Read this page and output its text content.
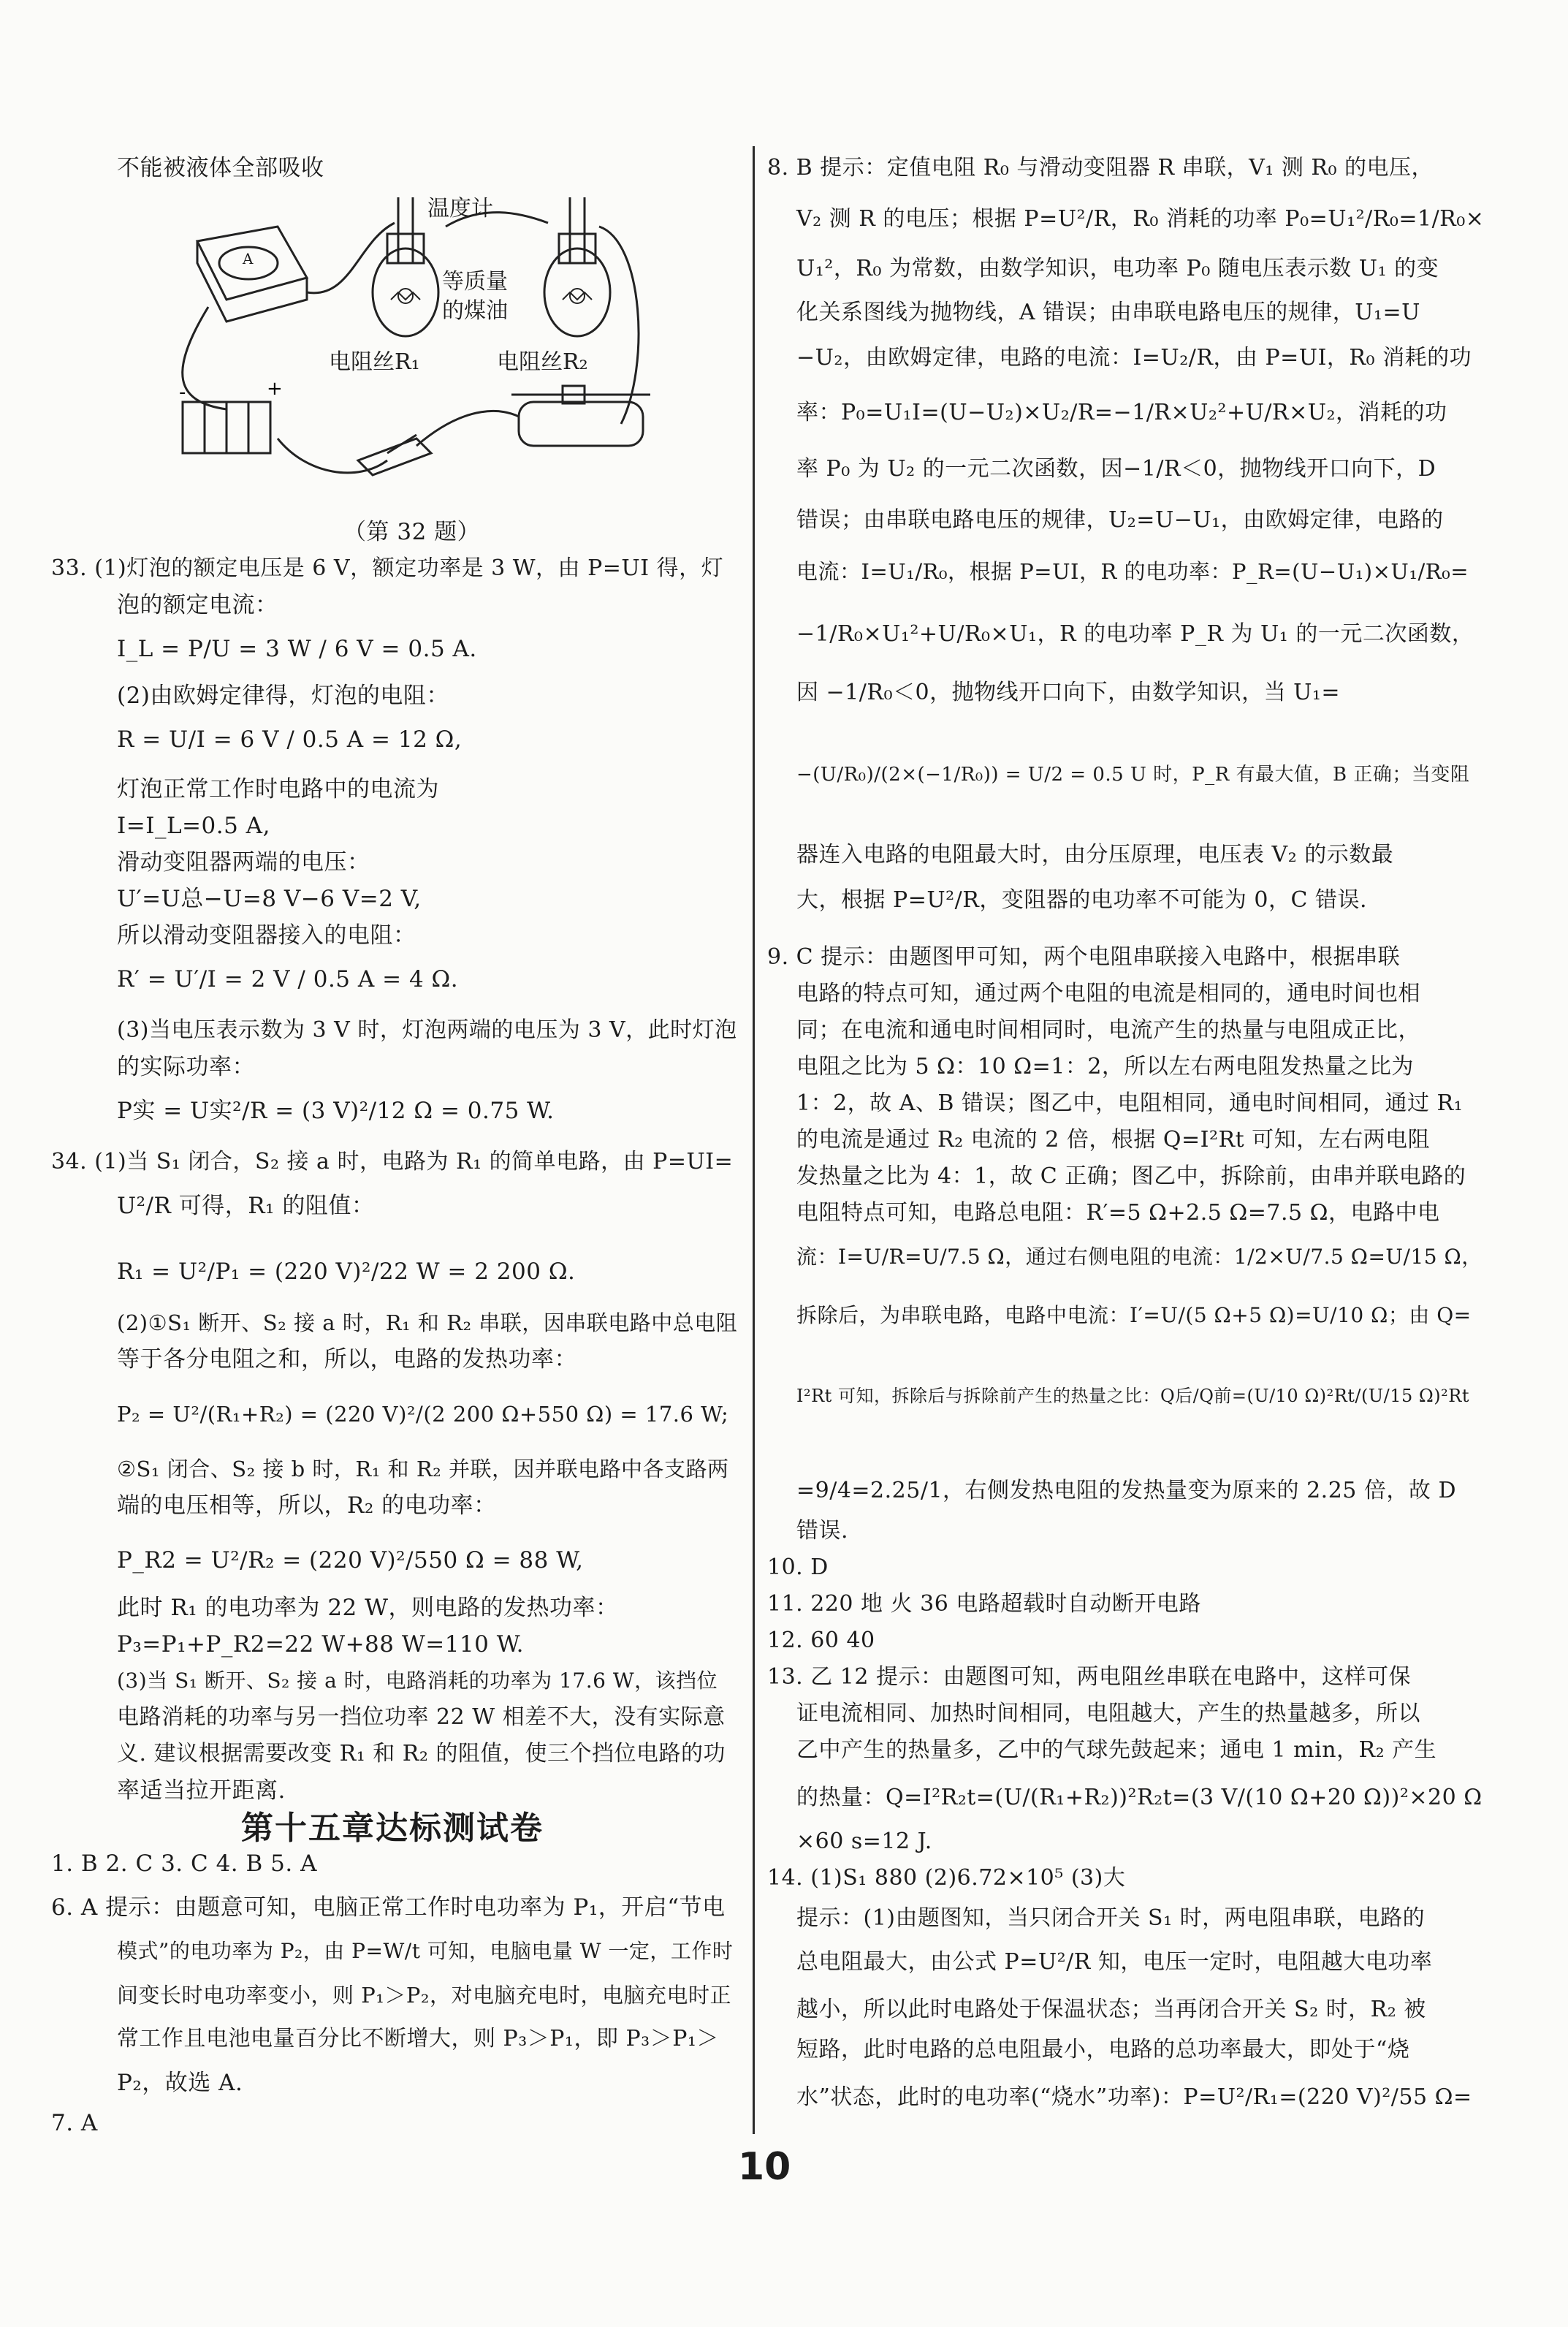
不能被液体全部吸收
-	+
A
温度计
等质量
的煤油
电阻丝R₁	电阻丝R₂
（第 32 题）
33. (1)灯泡的额定电压是 6 V，额定功率是 3 W，由 P=UI 得，灯
泡的额定电流：
I_L = P/U = 3 W / 6 V = 0.5 A.
(2)由欧姆定律得，灯泡的电阻：
R = U/I = 6 V / 0.5 A = 12 Ω,
灯泡正常工作时电路中的电流为
I=I_L=0.5 A,
滑动变阻器两端的电压：
U′=U总−U=8 V−6 V=2 V,
所以滑动变阻器接入的电阻：
R′ = U′/I = 2 V / 0.5 A = 4 Ω.
(3)当电压表示数为 3 V 时，灯泡两端的电压为 3 V，此时灯泡
的实际功率：
P实 = U实²/R = (3 V)²/12 Ω = 0.75 W.
34. (1)当 S₁ 闭合，S₂ 接 a 时，电路为 R₁ 的简单电路，由 P=UI=
U²/R 可得，R₁ 的阻值：
R₁ = U²/P₁ = (220 V)²/22 W = 2 200 Ω.
(2)①S₁ 断开、S₂ 接 a 时，R₁ 和 R₂ 串联，因串联电路中总电阻
等于各分电阻之和，所以，电路的发热功率：
P₂ = U²/(R₁+R₂) = (220 V)²/(2 200 Ω+550 Ω) = 17.6 W;
②S₁ 闭合、S₂ 接 b 时，R₁ 和 R₂ 并联，因并联电路中各支路两
端的电压相等，所以，R₂ 的电功率：
P_R2 = U²/R₂ = (220 V)²/550 Ω = 88 W,
此时 R₁ 的电功率为 22 W，则电路的发热功率：
P₃=P₁+P_R2=22 W+88 W=110 W.
(3)当 S₁ 断开、S₂ 接 a 时，电路消耗的功率为 17.6 W，该挡位
电路消耗的功率与另一挡位功率 22 W 相差不大，没有实际意
义. 建议根据需要改变 R₁ 和 R₂ 的阻值，使三个挡位电路的功
率适当拉开距离.
第十五章达标测试卷
1. B 2. C 3. C 4. B 5. A
6. A 提示：由题意可知，电脑正常工作时电功率为 P₁，开启“节电
模式”的电功率为 P₂，由 P=W/t 可知，电脑电量 W 一定，工作时
间变长时电功率变小，则 P₁＞P₂，对电脑充电时，电脑充电时正
常工作且电池电量百分比不断增大，则 P₃＞P₁，即 P₃＞P₁＞
P₂，故选 A.
7. A
8. B 提示：定值电阻 R₀ 与滑动变阻器 R 串联，V₁ 测 R₀ 的电压，
V₂ 测 R 的电压；根据 P=U²/R，R₀ 消耗的功率 P₀=U₁²/R₀=1/R₀×
U₁²，R₀ 为常数，由数学知识，电功率 P₀ 随电压表示数 U₁ 的变
化关系图线为抛物线，A 错误；由串联电路电压的规律，U₁=U
−U₂，由欧姆定律，电路的电流：I=U₂/R，由 P=UI，R₀ 消耗的功
率：P₀=U₁I=(U−U₂)×U₂/R=−1/R×U₂²+U/R×U₂，消耗的功
率 P₀ 为 U₂ 的一元二次函数，因−1/R＜0，抛物线开口向下，D
错误；由串联电路电压的规律，U₂=U−U₁，由欧姆定律，电路的
电流：I=U₁/R₀，根据 P=UI，R 的电功率：P_R=(U−U₁)×U₁/R₀=
−1/R₀×U₁²+U/R₀×U₁，R 的电功率 P_R 为 U₁ 的一元二次函数，
因 −1/R₀＜0，抛物线开口向下，由数学知识，当 U₁=
−(U/R₀)/(2×(−1/R₀)) = U/2 = 0.5 U 时，P_R 有最大值，B 正确；当变阻
器连入电路的电阻最大时，由分压原理，电压表 V₂ 的示数最
大，根据 P=U²/R，变阻器的电功率不可能为 0，C 错误.
9. C 提示：由题图甲可知，两个电阻串联接入电路中，根据串联
电路的特点可知，通过两个电阻的电流是相同的，通电时间也相
同；在电流和通电时间相同时，电流产生的热量与电阻成正比，
电阻之比为 5 Ω：10 Ω=1：2，所以左右两电阻发热量之比为
1：2，故 A、B 错误；图乙中，电阻相同，通电时间相同，通过 R₁
的电流是通过 R₂ 电流的 2 倍，根据 Q=I²Rt 可知，左右两电阻
发热量之比为 4：1，故 C 正确；图乙中，拆除前，由串并联电路的
电阻特点可知，电路总电阻：R′=5 Ω+2.5 Ω=7.5 Ω，电路中电
流：I=U/R=U/7.5 Ω，通过右侧电阻的电流：1/2×U/7.5 Ω=U/15 Ω，
拆除后，为串联电路，电路中电流：I′=U/(5 Ω+5 Ω)=U/10 Ω；由 Q=
I²Rt 可知，拆除后与拆除前产生的热量之比：Q后/Q前=(U/10 Ω)²Rt/(U/15 Ω)²Rt
=9/4=2.25/1，右侧发热电阻的发热量变为原来的 2.25 倍，故 D
错误.
10. D
11. 220 地 火 36 电路超载时自动断开电路
12. 60 40
13. 乙 12 提示：由题图可知，两电阻丝串联在电路中，这样可保
证电流相同、加热时间相同，电阻越大，产生的热量越多，所以
乙中产生的热量多，乙中的气球先鼓起来；通电 1 min，R₂ 产生
的热量：Q=I²R₂t=(U/(R₁+R₂))²R₂t=(3 V/(10 Ω+20 Ω))²×20 Ω
×60 s=12 J.
14. (1)S₁ 880 (2)6.72×10⁵ (3)大
提示：(1)由题图知，当只闭合开关 S₁ 时，两电阻串联，电路的
总电阻最大，由公式 P=U²/R 知，电压一定时，电阻越大电功率
越小，所以此时电路处于保温状态；当再闭合开关 S₂ 时，R₂ 被
短路，此时电路的总电阻最小，电路的总功率最大，即处于“烧
水”状态，此时的电功率(“烧水”功率)：P=U²/R₁=(220 V)²/55 Ω=
10
